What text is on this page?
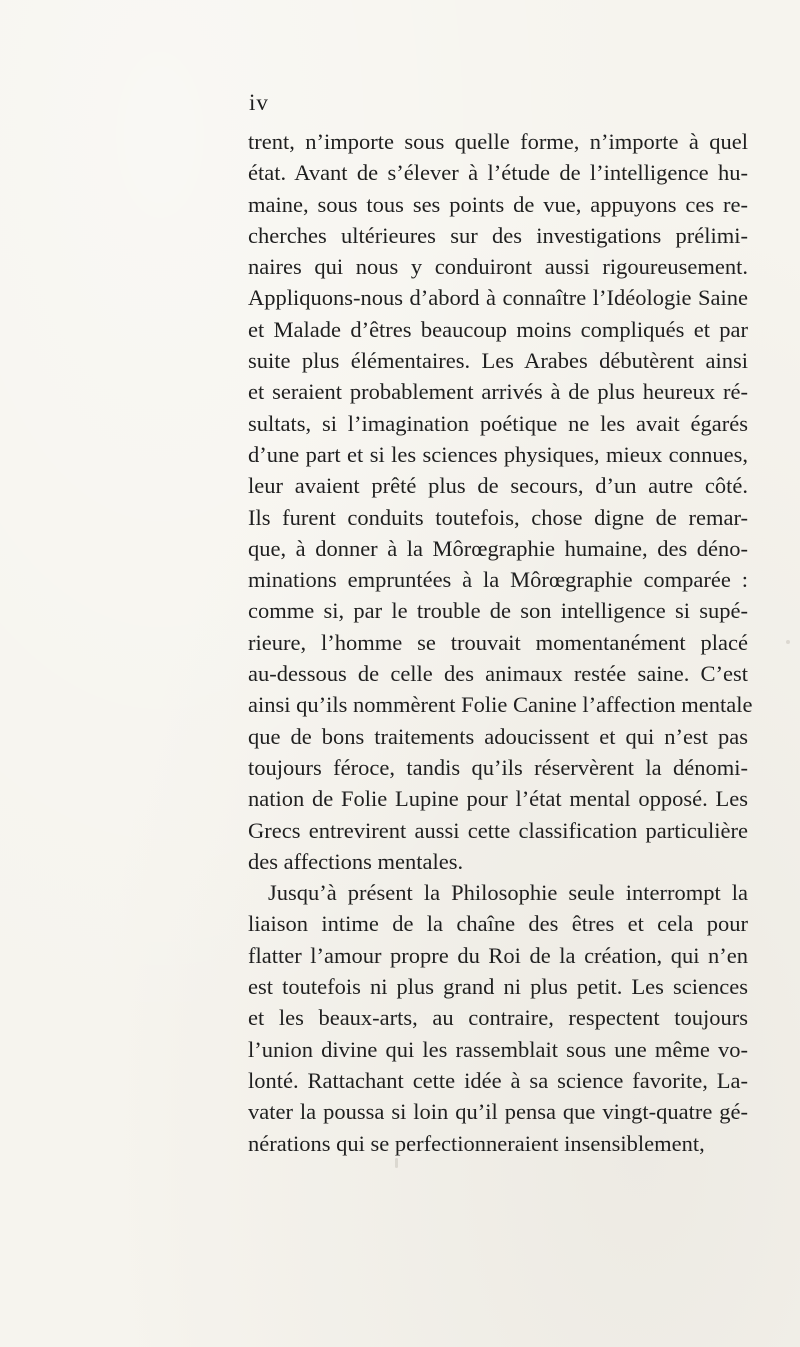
iv
trent, n’importe sous quelle forme, n’importe à quel
état. Avant de s’élever à l’étude de l’intelligence hu-
maine, sous tous ses points de vue, appuyons ces re-
cherches ultérieures sur des investigations prélimi-
naires qui nous y conduiront aussi rigoureusement.
Appliquons-nous d’abord à connaître l’Idéologie Saine
et Malade d’êtres beaucoup moins compliqués et par
suite plus élémentaires. Les Arabes débutèrent ainsi
et seraient probablement arrivés à de plus heureux ré-
sultats, si l’imagination poétique ne les avait égarés
d’une part et si les sciences physiques, mieux connues,
leur avaient prêté plus de secours, d’un autre côté.
Ils furent conduits toutefois, chose digne de remar-
que, à donner à la Môrœgraphie humaine, des déno-
minations empruntées à la Môrœgraphie comparée :
comme si, par le trouble de son intelligence si supé-
rieure, l’homme se trouvait momentanément placé
au-dessous de celle des animaux restée saine. C’est
ainsi qu’ils nommèrent Folie Canine l’affection mentale
que de bons traitements adoucissent et qui n’est pas
toujours féroce, tandis qu’ils réservèrent la dénomi-
nation de Folie Lupine pour l’état mental opposé. Les
Grecs entrevirent aussi cette classification particulière
des affections mentales.
Jusqu’à présent la Philosophie seule interrompt la
liaison intime de la chaîne des êtres et cela pour
flatter l’amour propre du Roi de la création, qui n’en
est toutefois ni plus grand ni plus petit. Les sciences
et les beaux-arts, au contraire, respectent toujours
l’union divine qui les rassemblait sous une même vo-
lonté. Rattachant cette idée à sa science favorite, La-
vater la poussa si loin qu’il pensa que vingt-quatre gé-
nérations qui se perfectionneraient insensiblement,
